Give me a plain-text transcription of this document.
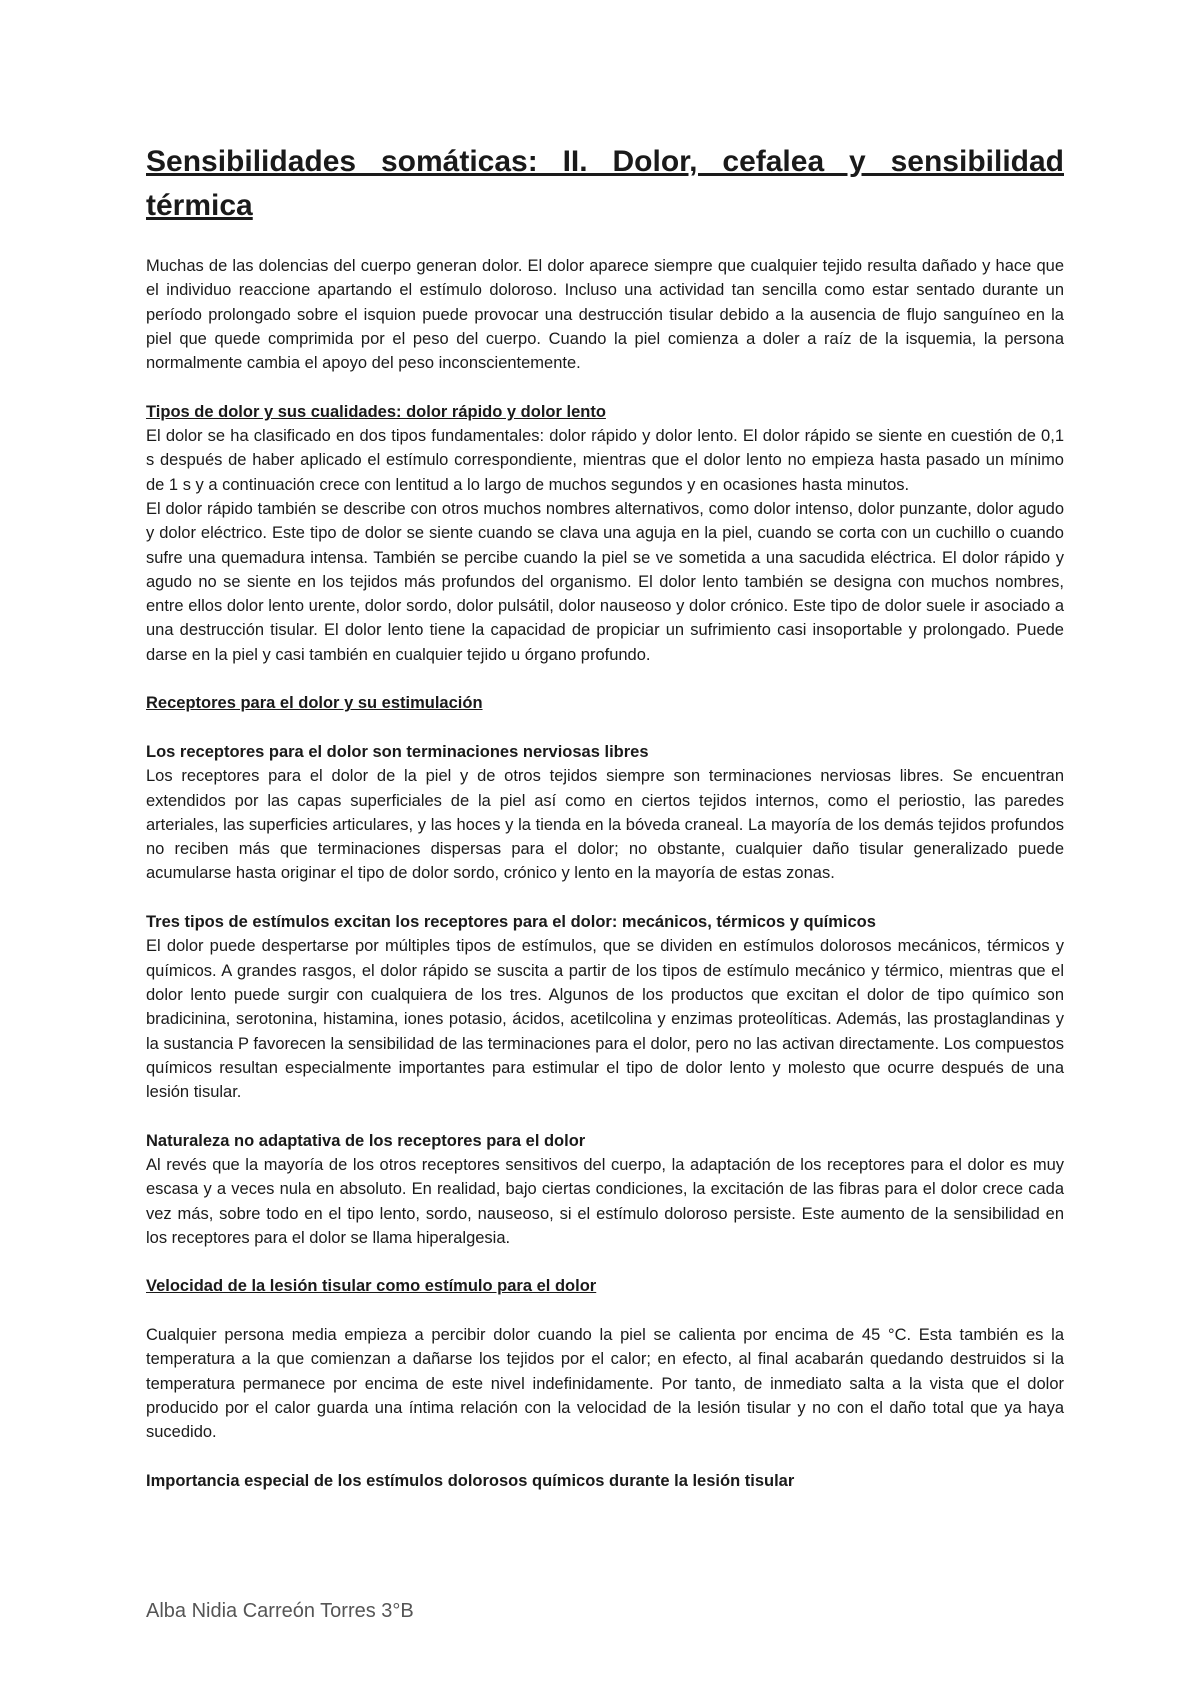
Sensibilidades somáticas: II. Dolor, cefalea y sensibilidad térmica

Muchas de las dolencias del cuerpo generan dolor. El dolor aparece siempre que cualquier tejido resulta dañado y hace que el individuo reaccione apartando el estímulo doloroso. Incluso una actividad tan sencilla como estar sentado durante un período prolongado sobre el isquion puede provocar una destrucción tisular debido a la ausencia de flujo sanguíneo en la piel que quede comprimida por el peso del cuerpo. Cuando la piel comienza a doler a raíz de la isquemia, la persona normalmente cambia el apoyo del peso inconscientemente.

Tipos de dolor y sus cualidades: dolor rápido y dolor lento

El dolor se ha clasificado en dos tipos fundamentales: dolor rápido y dolor lento. El dolor rápido se siente en cuestión de 0,1 s después de haber aplicado el estímulo correspondiente, mientras que el dolor lento no empieza hasta pasado un mínimo de 1 s y a continuación crece con lentitud a lo largo de muchos segundos y en ocasiones hasta minutos.

El dolor rápido también se describe con otros muchos nombres alternativos, como dolor intenso, dolor punzante, dolor agudo y dolor eléctrico. Este tipo de dolor se siente cuando se clava una aguja en la piel, cuando se corta con un cuchillo o cuando sufre una quemadura intensa. También se percibe cuando la piel se ve sometida a una sacudida eléctrica. El dolor rápido y agudo no se siente en los tejidos más profundos del organismo. El dolor lento también se designa con muchos nombres, entre ellos dolor lento urente, dolor sordo, dolor pulsátil, dolor nauseoso y dolor crónico. Este tipo de dolor suele ir asociado a una destrucción tisular. El dolor lento tiene la capacidad de propiciar un sufrimiento casi insoportable y prolongado. Puede darse en la piel y casi también en cualquier tejido u órgano profundo.

Receptores para el dolor y su estimulación
Los receptores para el dolor son terminaciones nerviosas libres

Los receptores para el dolor de la piel y de otros tejidos siempre son terminaciones nerviosas libres. Se encuentran extendidos por las capas superficiales de la piel así como en ciertos tejidos internos, como el periostio, las paredes arteriales, las superficies articulares, y las hoces y la tienda en la bóveda craneal. La mayoría de los demás tejidos profundos no reciben más que terminaciones dispersas para el dolor; no obstante, cualquier daño tisular generalizado puede acumularse hasta originar el tipo de dolor sordo, crónico y lento en la mayoría de estas zonas.

Tres tipos de estímulos excitan los receptores para el dolor: mecánicos, térmicos y químicos

El dolor puede despertarse por múltiples tipos de estímulos, que se dividen en estímulos dolorosos mecánicos, térmicos y químicos. A grandes rasgos, el dolor rápido se suscita a partir de los tipos de estímulo mecánico y térmico, mientras que el dolor lento puede surgir con cualquiera de los tres. Algunos de los productos que excitan el dolor de tipo químico son bradicinina, serotonina, histamina, iones potasio, ácidos, acetilcolina y enzimas proteolíticas. Además, las prostaglandinas y la sustancia P favorecen la sensibilidad de las terminaciones para el dolor, pero no las activan directamente. Los compuestos químicos resultan especialmente importantes para estimular el tipo de dolor lento y molesto que ocurre después de una lesión tisular.

Naturaleza no adaptativa de los receptores para el dolor

Al revés que la mayoría de los otros receptores sensitivos del cuerpo, la adaptación de los receptores para el dolor es muy escasa y a veces nula en absoluto. En realidad, bajo ciertas condiciones, la excitación de las fibras para el dolor crece cada vez más, sobre todo en el tipo lento, sordo, nauseoso, si el estímulo doloroso persiste. Este aumento de la sensibilidad en los receptores para el dolor se llama hiperalgesia.

Velocidad de la lesión tisular como estímulo para el dolor

Cualquier persona media empieza a percibir dolor cuando la piel se calienta por encima de 45 °C. Esta también es la temperatura a la que comienzan a dañarse los tejidos por el calor; en efecto, al final acabarán quedando destruidos si la temperatura permanece por encima de este nivel indefinidamente. Por tanto, de inmediato salta a la vista que el dolor producido por el calor guarda una íntima relación con la velocidad de la lesión tisular y no con el daño total que ya haya sucedido.

Importancia especial de los estímulos dolorosos químicos durante la lesión tisular
Alba Nidia Carreón Torres 3°B
